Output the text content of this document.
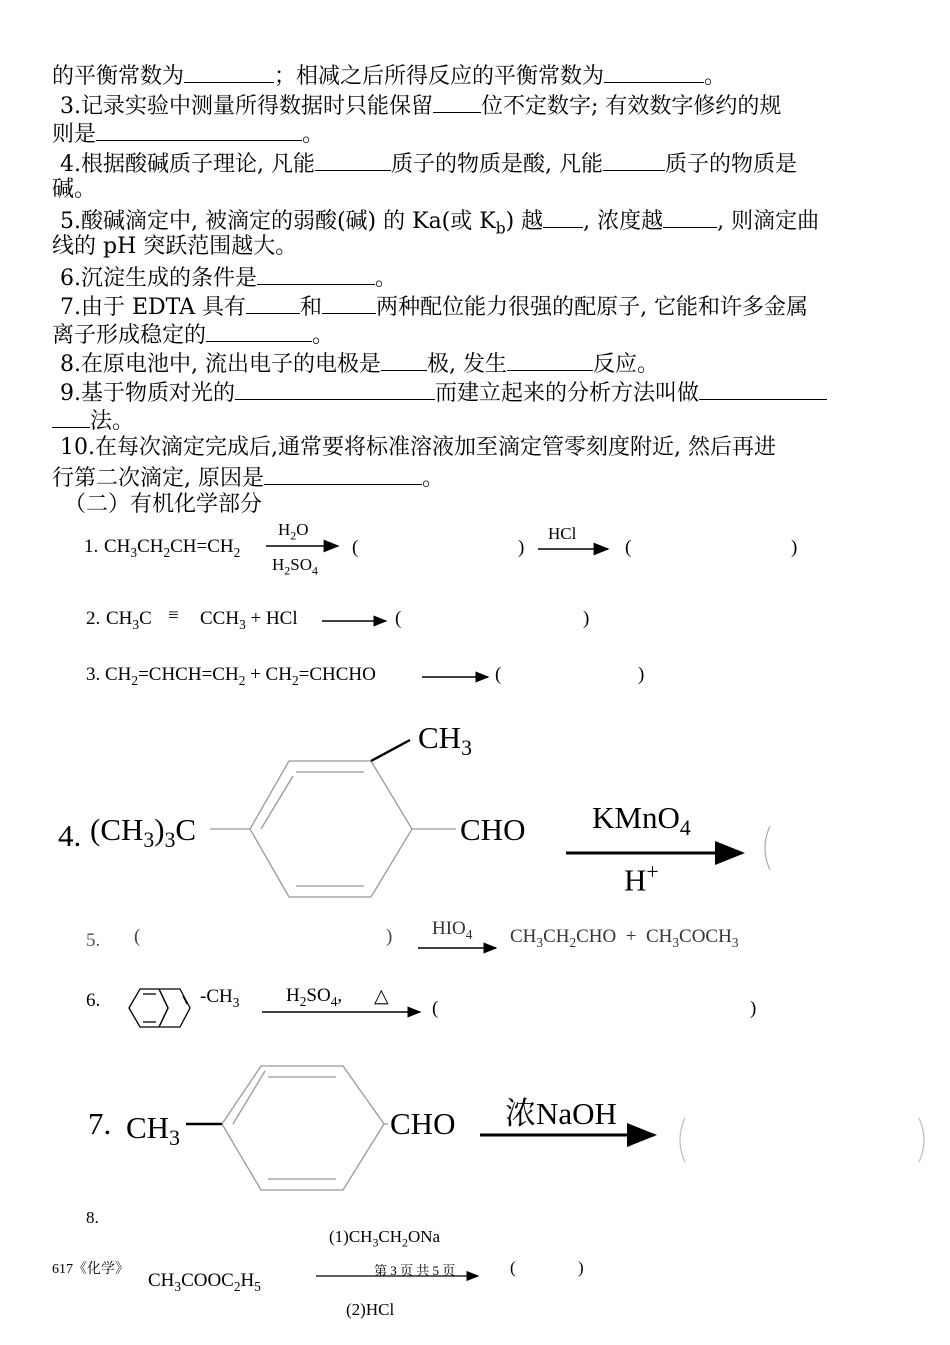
的平衡常数为	；相减之后所得反应的平衡常数为	。
3.记录实验中测量所得数据时只能保留 位不定数字; 有效数字修约的规
则是	。
4.根据酸碱质子理论, 凡能	质子的物质是酸, 凡能	质子的物质是
碱。
5.酸碱滴定中, 被滴定的弱酸(碱) 的 Ka(或 $K_b$) 越 , 浓度越 , 则滴定曲
线的 pH 突跃范围越大。
6.沉淀生成的条件是	。
7.由于 EDTA 具有 和 两种配位能力很强的配原子, 它能和许多金属
离子形成稳定的	。
8.在原电池中, 流出电子的电极是 极, 发生	反应。
9.基于物质对光的	而建立起来的分析方法叫做
法。
10.在每次滴定完成后,通常要将标准溶液加至滴定管零刻度附近, 然后再进
行第二次滴定, 原因是	。
（二）有机化学部分
1. $CH_3CH_2CH=CH_2$
$H_2O$
$H_2SO_4$
(	)
HCl
(	)
2. $CH_3C \equiv CCH_3$ + HCl	(	)
3. $CH_2=CHCH=CH_2$ + $CH_2=CHCHO$	(	)
$CH_3$
4. $(CH_3)_3C$	CHO KMnO$_4$
H+
5. (	) $HIO_4$ $CH_3CH_2CHO$  +  $CH_3COCH_3$
6.	$-CH_3$ $H_2SO_4$, △
(	)
7. $CH_3$	CHO 浓NaOH
8.
$(1)CH_3CH_2ONa$
$CH_3COOC_2H_5$
(	)
(2)HCl
617《化学》	第 3 页 共 5 页
